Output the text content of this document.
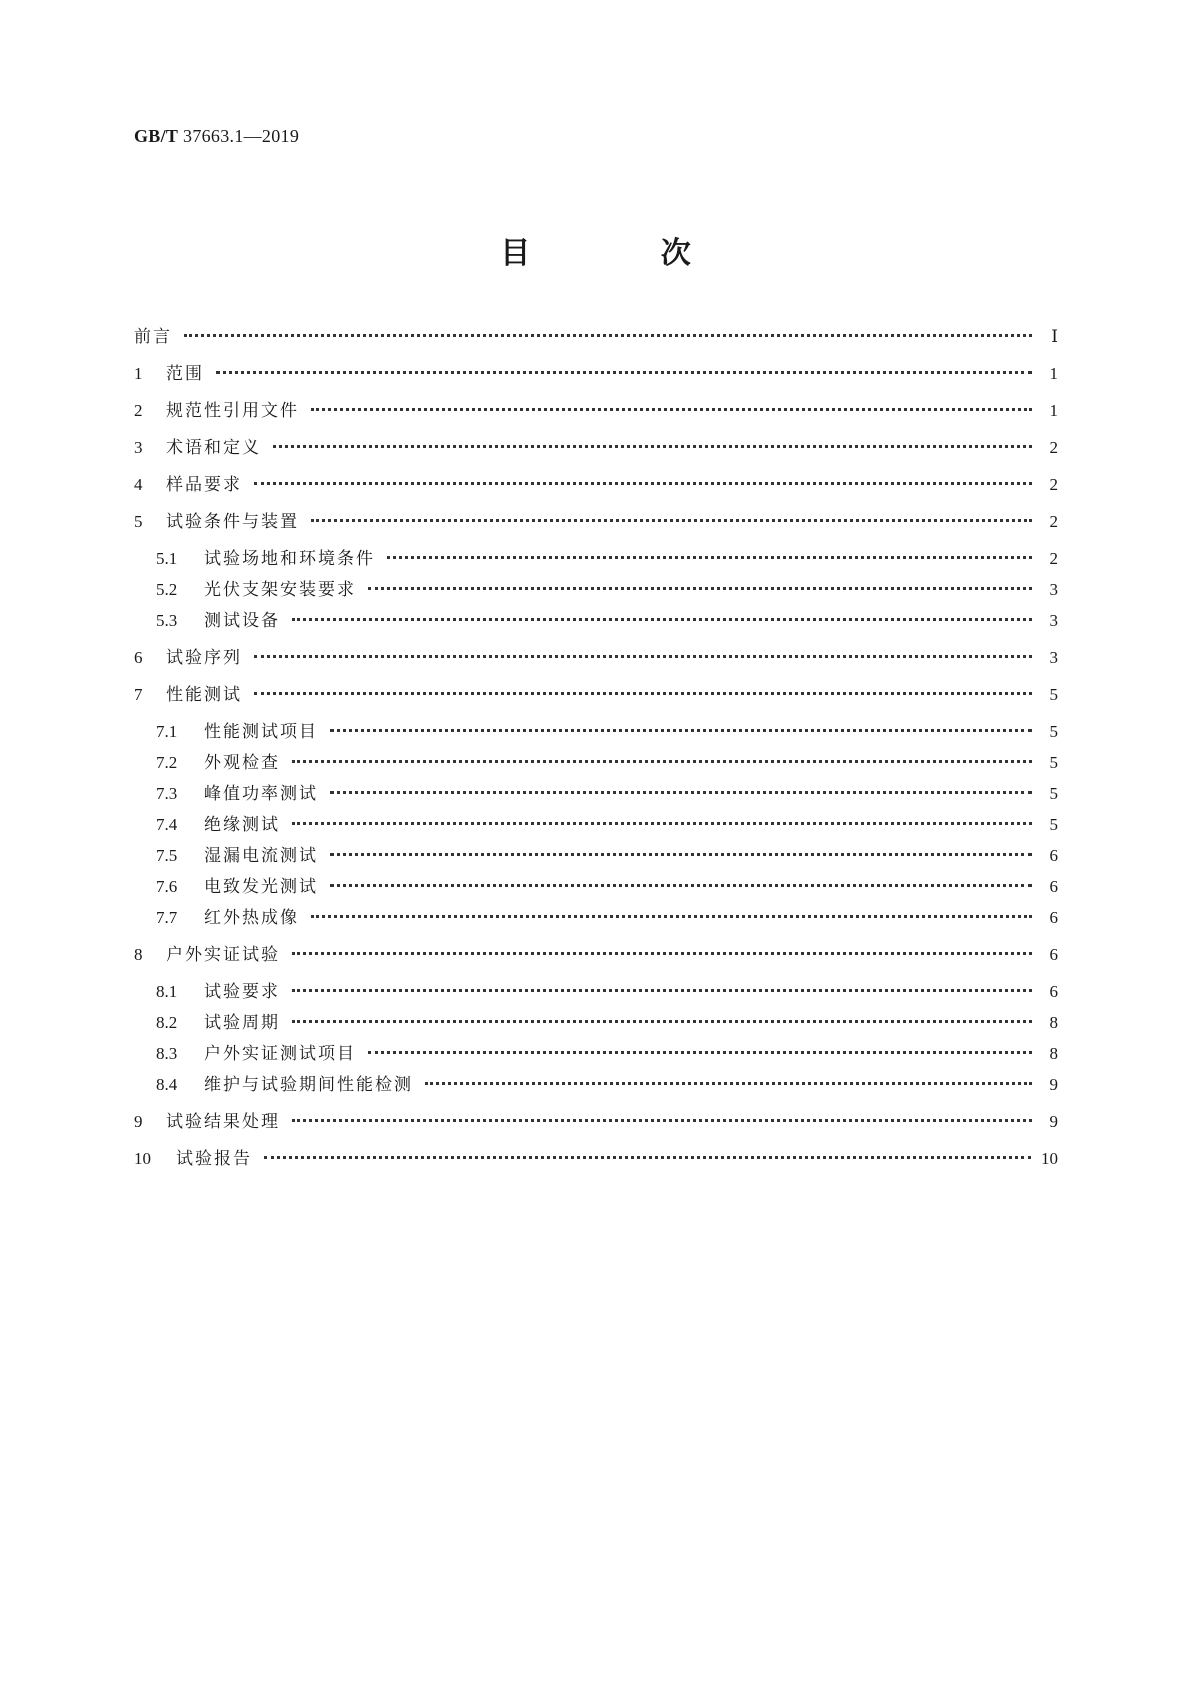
GB/T 37663.1—2019
目 次
前言	Ⅰ
1	范围	1
2	规范性引用文件	1
3	术语和定义	2
4	样品要求	2
5	试验条件与装置	2
5.1	试验场地和环境条件	2
5.2	光伏支架安装要求	3
5.3	测试设备	3
6	试验序列	3
7	性能测试	5
7.1	性能测试项目	5
7.2	外观检查	5
7.3	峰值功率测试	5
7.4	绝缘测试	5
7.5	湿漏电流测试	6
7.6	电致发光测试	6
7.7	红外热成像	6
8	户外实证试验	6
8.1	试验要求	6
8.2	试验周期	8
8.3	户外实证测试项目	8
8.4	维护与试验期间性能检测	9
9	试验结果处理	9
10	试验报告	10
